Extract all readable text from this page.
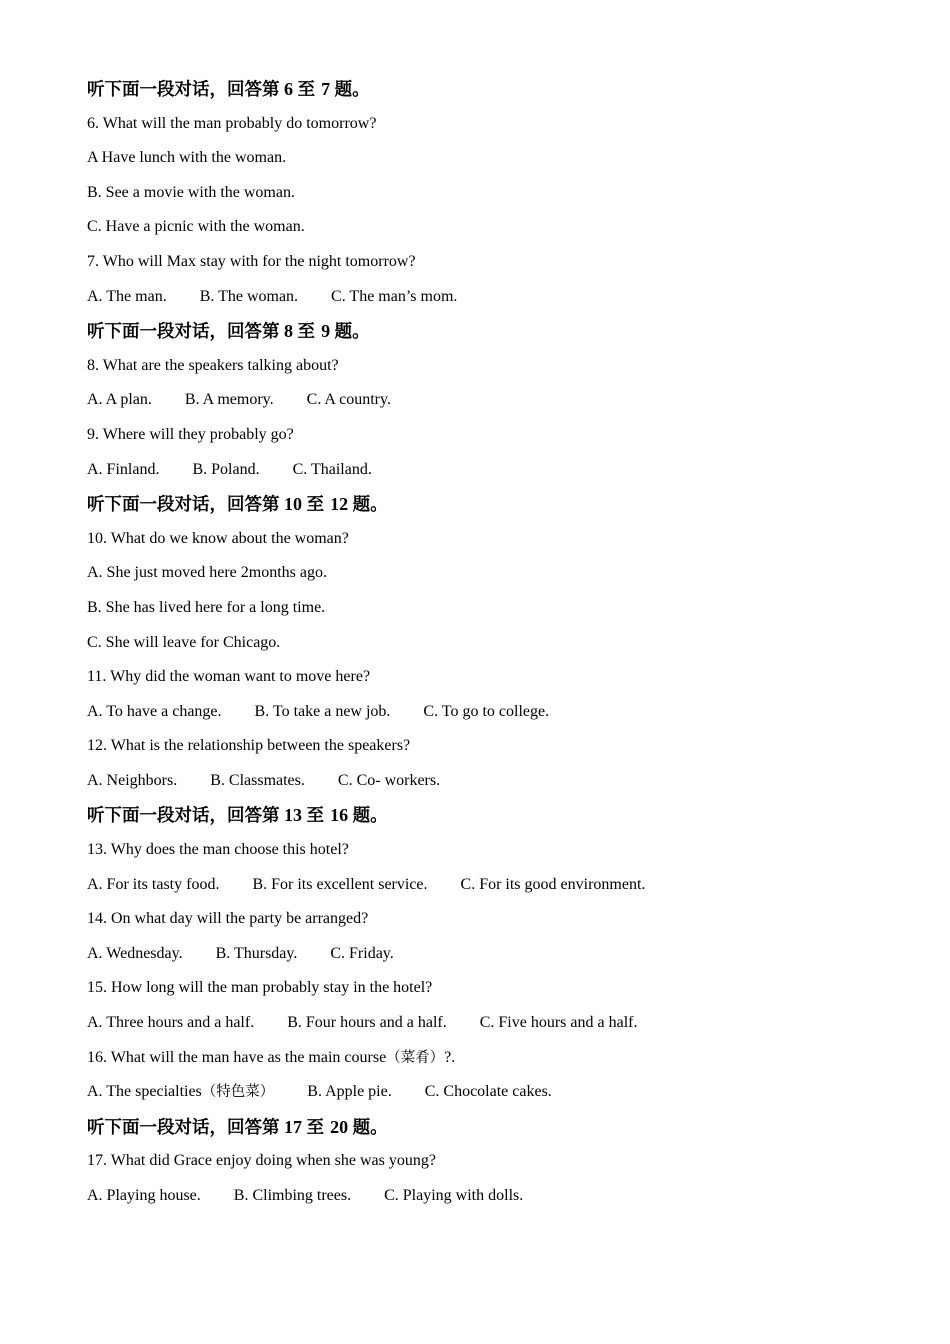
听下面一段对话，回答第 6 至 7 题。
6. What will the man probably do tomorrow?
A Have lunch with the woman.
B. See a movie with the woman.
C. Have a picnic with the woman.
7. Who will Max stay with for the night tomorrow?
A. The man. B. The woman. C. The man’s mom.
听下面一段对话，回答第 8 至 9 题。
8. What are the speakers talking about?
A. A plan. B. A memory. C. A country.
9. Where will they probably go?
A. Finland. B. Poland. C. Thailand.
听下面一段对话，回答第 10 至 12 题。
10. What do we know about the woman?
A. She just moved here 2months ago.
B. She has lived here for a long time.
C. She will leave for Chicago.
11. Why did the woman want to move here?
A. To have a change. B. To take a new job. C. To go to college.
12. What is the relationship between the speakers?
A. Neighbors. B. Classmates. C. Co- workers.
听下面一段对话，回答第 13 至 16 题。
13. Why does the man choose this hotel?
A. For its tasty food. B. For its excellent service. C. For its good environment.
14. On what day will the party be arranged?
A. Wednesday. B. Thursday. C. Friday.
15. How long will the man probably stay in the hotel?
A. Three hours and a half. B. Four hours and a half. C. Five hours and a half.
16. What will the man have as the main course（菜肴）?.
A. The specialties（特色菜） B. Apple pie. C. Chocolate cakes.
听下面一段对话，回答第 17 至 20 题。
17. What did Grace enjoy doing when she was young?
A. Playing house. B. Climbing trees. C. Playing with dolls.
